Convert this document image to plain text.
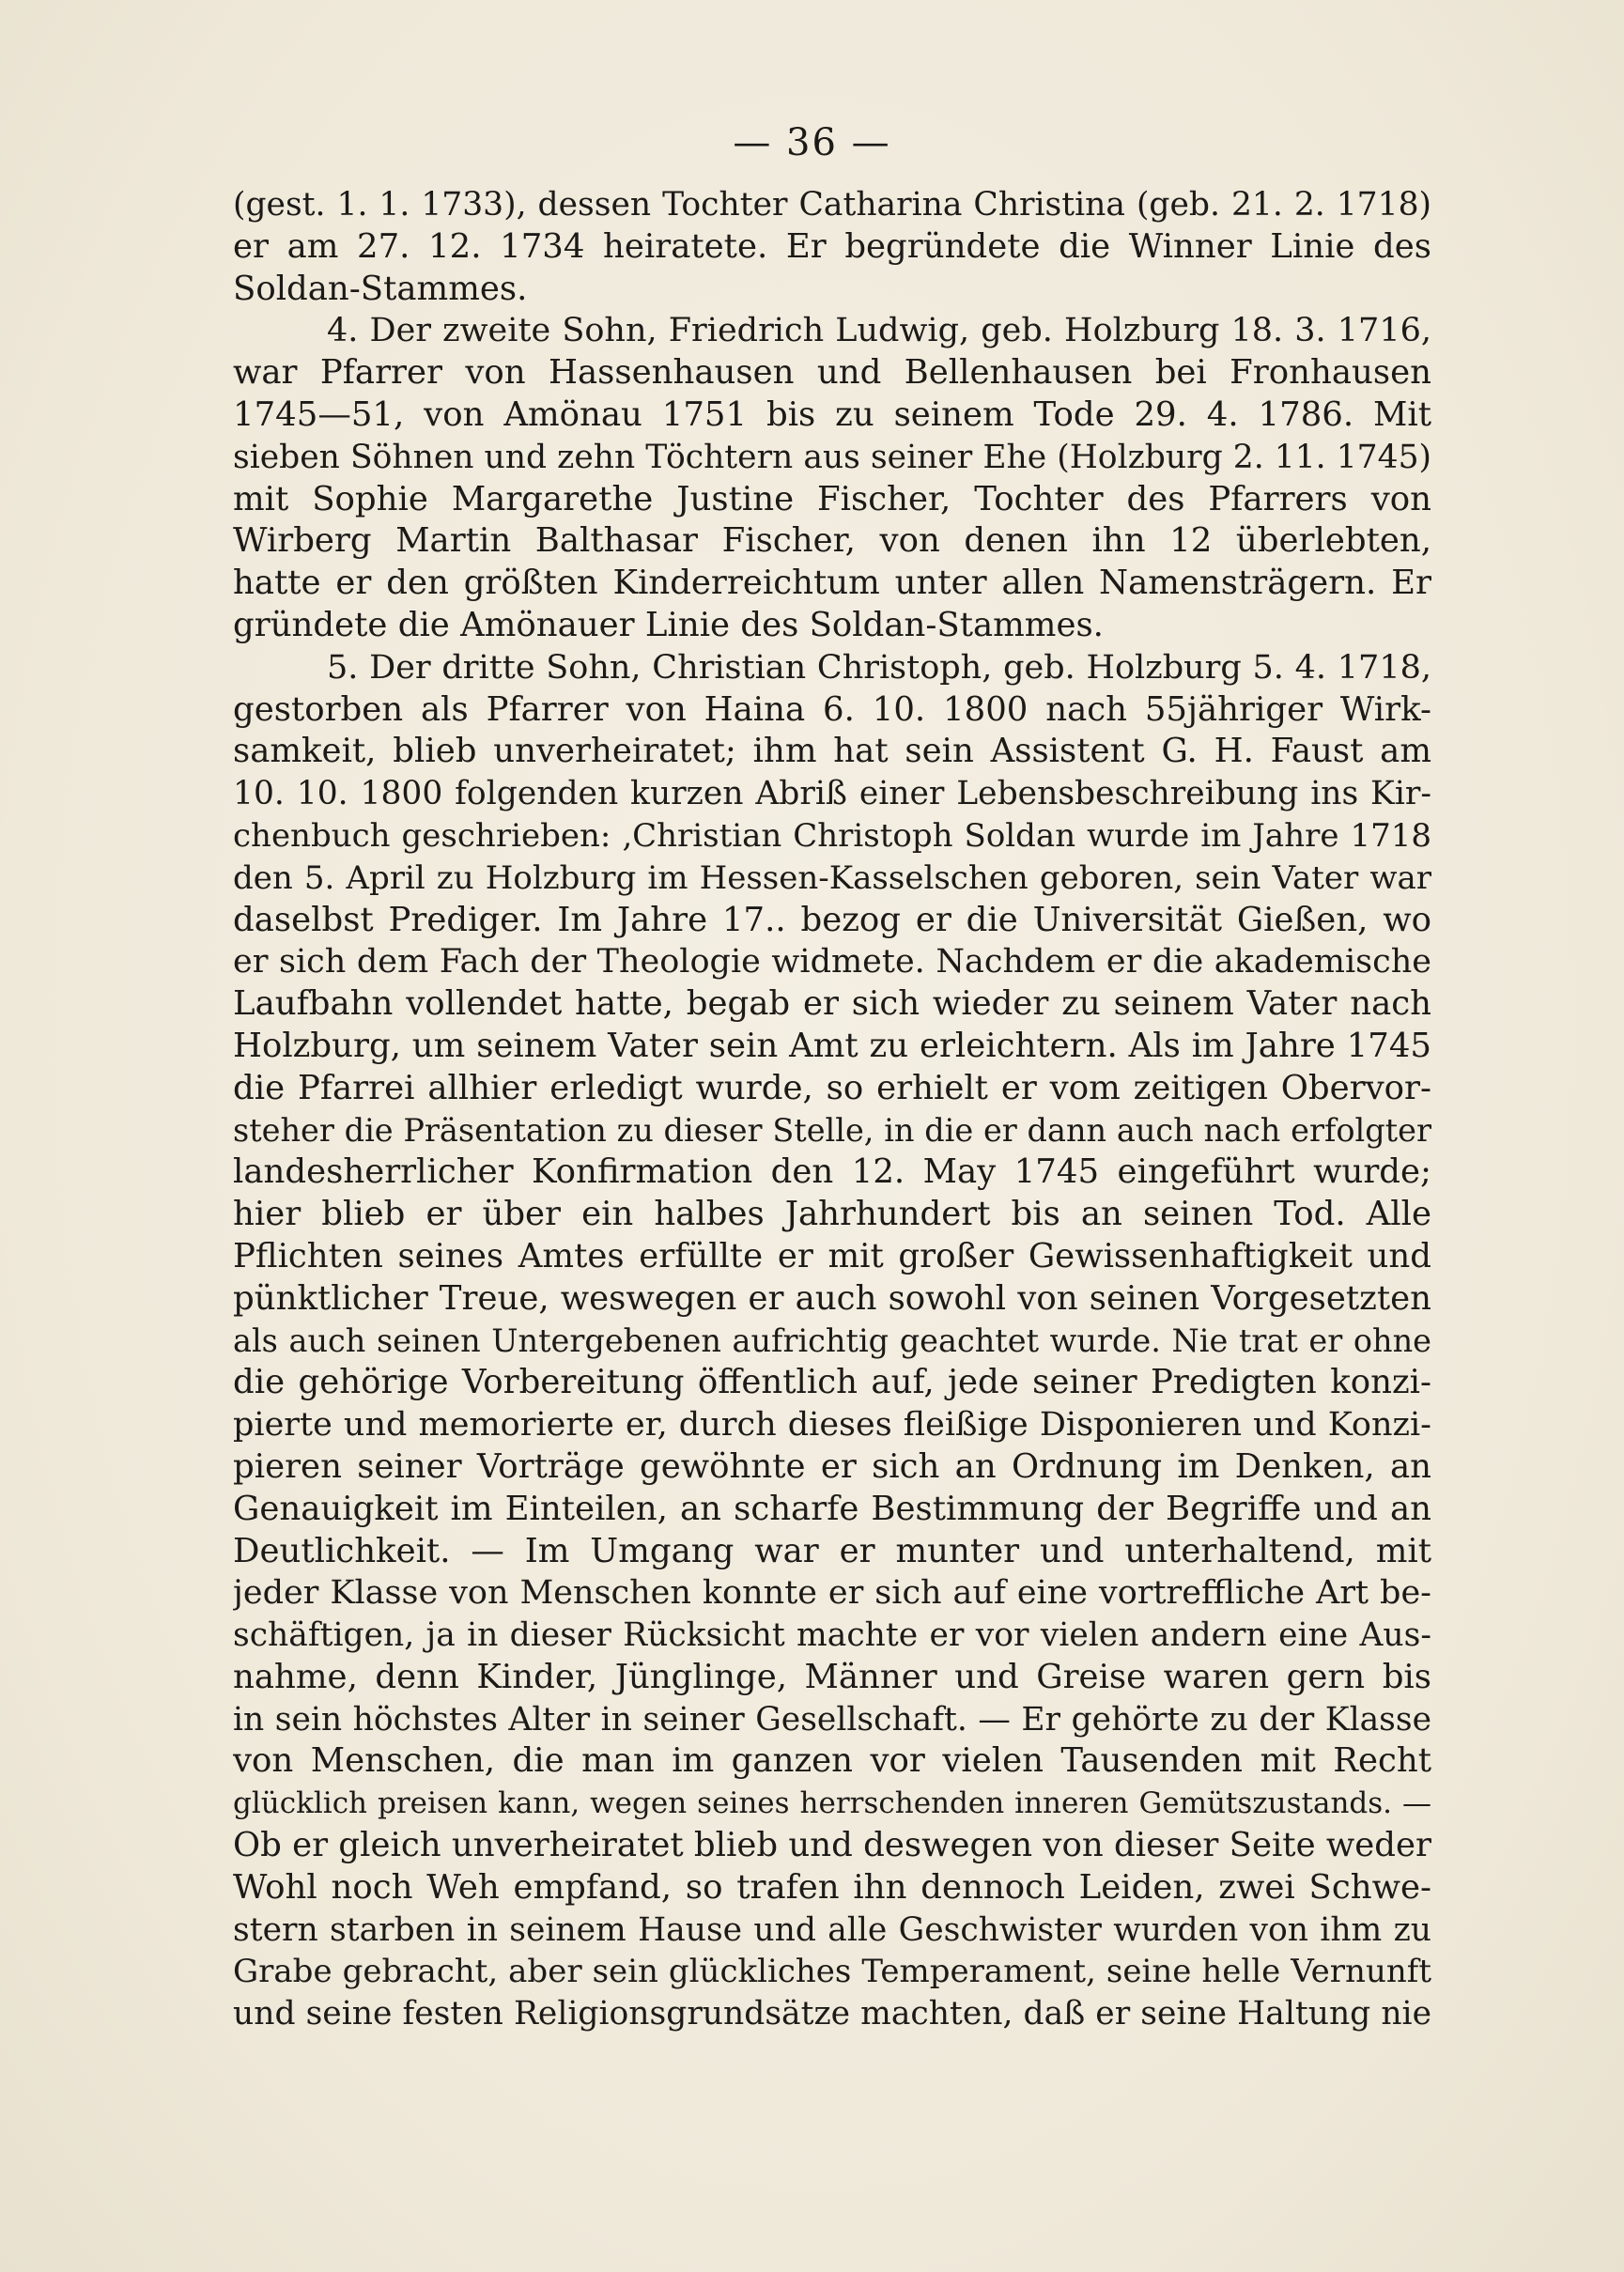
— 36 —
(gest. 1. 1. 1733), dessen Tochter Catharina Christina (geb. 21. 2. 1718)
er am 27. 12. 1734 heiratete. Er begründete die Winner Linie des
Soldan-Stammes.
4. Der zweite Sohn, Friedrich Ludwig, geb. Holzburg 18. 3. 1716,
war Pfarrer von Hassenhausen und Bellenhausen bei Fronhausen
1745—51, von Amönau 1751 bis zu seinem Tode 29. 4. 1786. Mit
sieben Söhnen und zehn Töchtern aus seiner Ehe (Holzburg 2. 11. 1745)
mit Sophie Margarethe Justine Fischer, Tochter des Pfarrers von
Wirberg Martin Balthasar Fischer, von denen ihn 12 überlebten,
hatte er den größten Kinderreichtum unter allen Namensträgern. Er
gründete die Amönauer Linie des Soldan-Stammes.
5. Der dritte Sohn, Christian Christoph, geb. Holzburg 5. 4. 1718,
gestorben als Pfarrer von Haina 6. 10. 1800 nach 55jähriger Wirk-
samkeit, blieb unverheiratet; ihm hat sein Assistent G. H. Faust am
10. 10. 1800 folgenden kurzen Abriß einer Lebensbeschreibung ins Kir-
chenbuch geschrieben: ‚Christian Christoph Soldan wurde im Jahre 1718
den 5. April zu Holzburg im Hessen-Kasselschen geboren, sein Vater war
daselbst Prediger. Im Jahre 17.. bezog er die Universität Gießen, wo
er sich dem Fach der Theologie widmete. Nachdem er die akademische
Laufbahn vollendet hatte, begab er sich wieder zu seinem Vater nach
Holzburg, um seinem Vater sein Amt zu erleichtern. Als im Jahre 1745
die Pfarrei allhier erledigt wurde, so erhielt er vom zeitigen Obervor-
steher die Präsentation zu dieser Stelle, in die er dann auch nach erfolgter
landesherrlicher Konfirmation den 12. May 1745 eingeführt wurde;
hier blieb er über ein halbes Jahrhundert bis an seinen Tod. Alle
Pflichten seines Amtes erfüllte er mit großer Gewissenhaftigkeit und
pünktlicher Treue, weswegen er auch sowohl von seinen Vorgesetzten
als auch seinen Untergebenen aufrichtig geachtet wurde. Nie trat er ohne
die gehörige Vorbereitung öffentlich auf, jede seiner Predigten konzi-
pierte und memorierte er, durch dieses fleißige Disponieren und Konzi-
pieren seiner Vorträge gewöhnte er sich an Ordnung im Denken, an
Genauigkeit im Einteilen, an scharfe Bestimmung der Begriffe und an
Deutlichkeit. — Im Umgang war er munter und unterhaltend, mit
jeder Klasse von Menschen konnte er sich auf eine vortreffliche Art be-
schäftigen, ja in dieser Rücksicht machte er vor vielen andern eine Aus-
nahme, denn Kinder, Jünglinge, Männer und Greise waren gern bis
in sein höchstes Alter in seiner Gesellschaft. — Er gehörte zu der Klasse
von Menschen, die man im ganzen vor vielen Tausenden mit Recht
glücklich preisen kann, wegen seines herrschenden inneren Gemütszustands. —
Ob er gleich unverheiratet blieb und deswegen von dieser Seite weder
Wohl noch Weh empfand, so trafen ihn dennoch Leiden, zwei Schwe-
stern starben in seinem Hause und alle Geschwister wurden von ihm zu
Grabe gebracht, aber sein glückliches Temperament, seine helle Vernunft
und seine festen Religionsgrundsätze machten, daß er seine Haltung nie
